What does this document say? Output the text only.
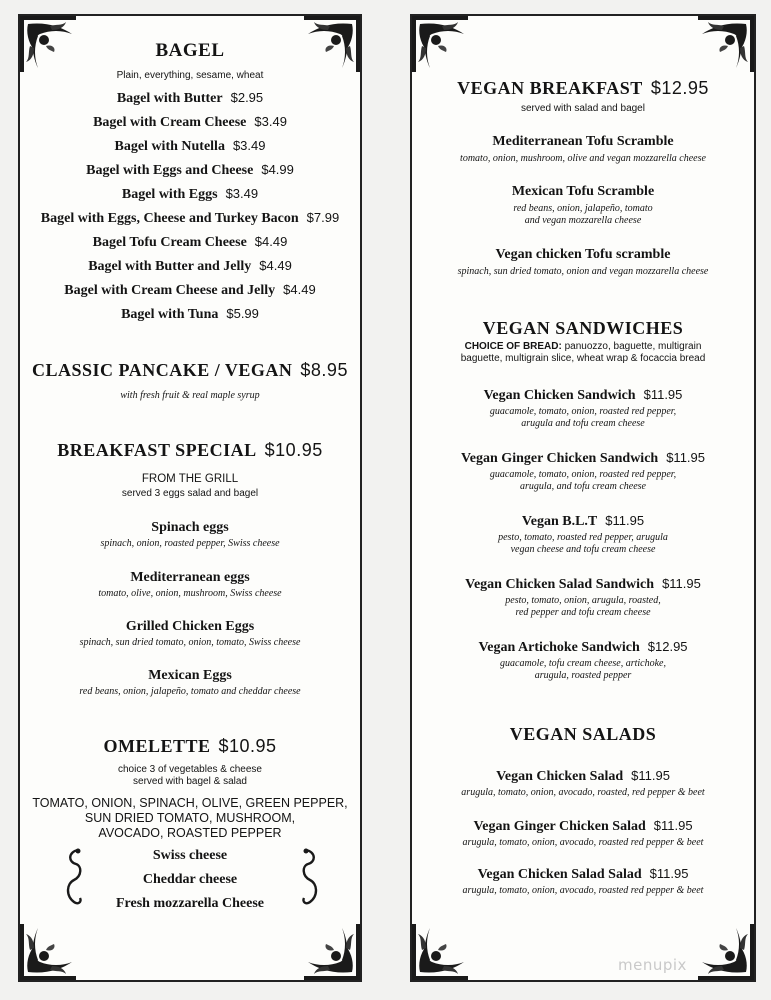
BAGEL
Plain, everything, sesame, wheat
Bagel with Butter $2.95
Bagel with Cream Cheese $3.49
Bagel with Nutella $3.49
Bagel with Eggs and Cheese $4.99
Bagel with Eggs $3.49
Bagel with Eggs, Cheese and Turkey Bacon $7.99
Bagel Tofu Cream Cheese $4.49
Bagel with Butter and Jelly $4.49
Bagel with Cream Cheese and Jelly $4.49
Bagel with Tuna $5.99
CLASSIC PANCAKE / VEGAN $8.95
with fresh fruit & real maple syrup
BREAKFAST SPECIAL $10.95
FROM THE GRILL
served 3 eggs salad and bagel
Spinach eggs
spinach, onion, roasted pepper, Swiss cheese
Mediterranean eggs
tomato, olive, onion, mushroom, Swiss cheese
Grilled Chicken Eggs
spinach, sun dried tomato, onion, tomato, Swiss cheese
Mexican Eggs
red beans, onion, jalapeño, tomato and cheddar cheese
OMELETTE $10.95
choice 3 of vegetables & cheese
served with bagel & salad
TOMATO, ONION, SPINACH, OLIVE, GREEN PEPPER,
SUN DRIED TOMATO, MUSHROOM,
AVOCADO, ROASTED PEPPER
Swiss cheese
Cheddar cheese
Fresh mozzarella Cheese
VEGAN BREAKFAST $12.95
served with salad and bagel
Mediterranean Tofu Scramble
tomato, onion, mushroom, olive and vegan mozzarella cheese
Mexican Tofu Scramble
red beans, onion, jalapeño, tomato
and vegan mozzarella cheese
Vegan chicken Tofu scramble
spinach, sun dried tomato, onion and vegan mozzarella cheese
VEGAN SANDWICHES
CHOICE OF BREAD: panuozzo, baguette, multigrain
baguette, multigrain slice, wheat wrap & focaccia bread
Vegan Chicken Sandwich $11.95
guacamole, tomato, onion, roasted red pepper,
arugula and tofu cream cheese
Vegan Ginger Chicken Sandwich $11.95
guacamole, tomato, onion, roasted red pepper,
arugula, and tofu cream cheese
Vegan B.L.T $11.95
pesto, tomato, roasted red pepper, arugula
vegan cheese and tofu cream cheese
Vegan Chicken Salad Sandwich $11.95
pesto, tomato, onion, arugula, roasted,
red pepper and tofu cream cheese
Vegan Artichoke Sandwich $12.95
guacamole, tofu cream cheese, artichoke,
arugula, roasted pepper
VEGAN SALADS
Vegan Chicken Salad $11.95
arugula, tomato, onion, avocado, roasted, red pepper & beet
Vegan Ginger Chicken Salad $11.95
arugula, tomato, onion, avocado, roasted red pepper & beet
Vegan Chicken Salad Salad $11.95
arugula, tomato, onion, avocado, roasted red pepper & beet
menupix
